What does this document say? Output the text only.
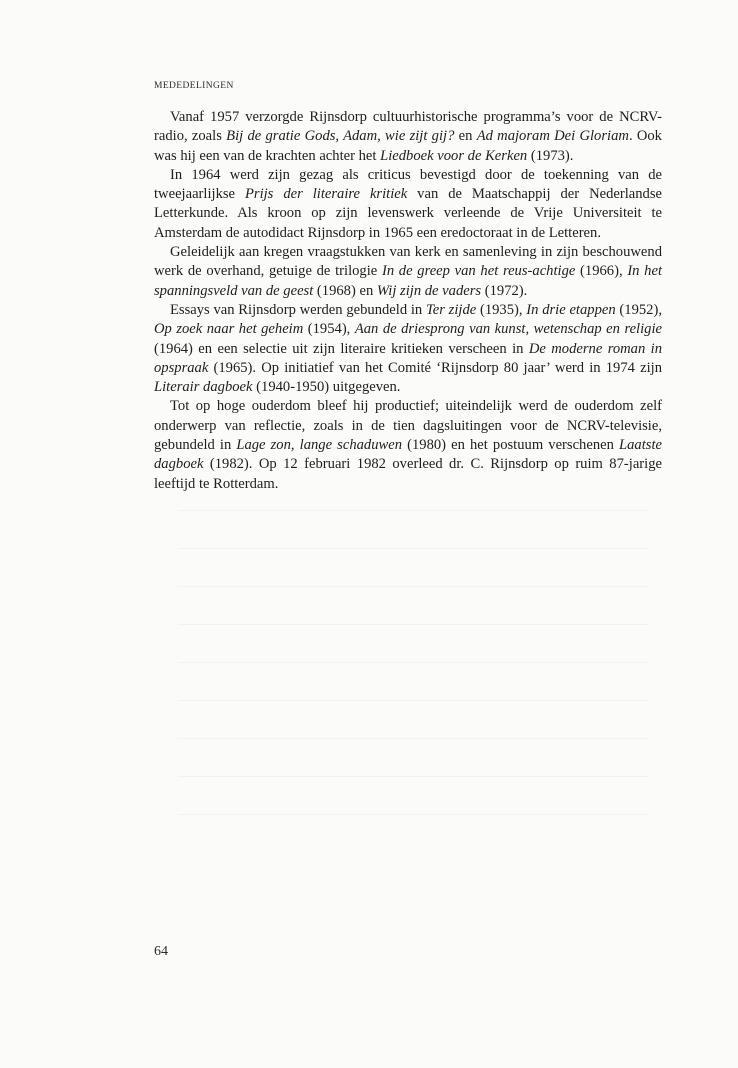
MEDEDELINGEN

Vanaf 1957 verzorgde Rijnsdorp cultuurhistorische programma’s voor de NCRV-radio, zoals Bij de gratie Gods, Adam, wie zijt gij? en Ad majoram Dei Gloriam. Ook was hij een van de krachten achter het Liedboek voor de Kerken (1973).

In 1964 werd zijn gezag als criticus bevestigd door de toekenning van de tweejaarlijkse Prijs der literaire kritiek van de Maatschappij der Nederlandse Letterkunde. Als kroon op zijn levenswerk verleende de Vrije Universiteit te Amsterdam de autodidact Rijnsdorp in 1965 een eredoctoraat in de Letteren.

Geleidelijk aan kregen vraagstukken van kerk en samenleving in zijn beschouwend werk de overhand, getuige de trilogie In de greep van het reus-achtige (1966), In het spanningsveld van de geest (1968) en Wij zijn de vaders (1972).

Essays van Rijnsdorp werden gebundeld in Ter zijde (1935), In drie etappen (1952), Op zoek naar het geheim (1954), Aan de driesprong van kunst, wetenschap en religie (1964) en een selectie uit zijn literaire kritieken verscheen in De moderne roman in opspraak (1965). Op initiatief van het Comité ‘Rijnsdorp 80 jaar’ werd in 1974 zijn Literair dagboek (1940-1950) uitgegeven.

Tot op hoge ouderdom bleef hij productief; uiteindelijk werd de ouderdom zelf onderwerp van reflectie, zoals in de tien dagsluitingen voor de NCRV-televisie, gebundeld in Lage zon, lange schaduwen (1980) en het postuum verschenen Laatste dagboek (1982). Op 12 februari 1982 overleed dr. C. Rijnsdorp op ruim 87-jarige leeftijd te Rotterdam.

64
